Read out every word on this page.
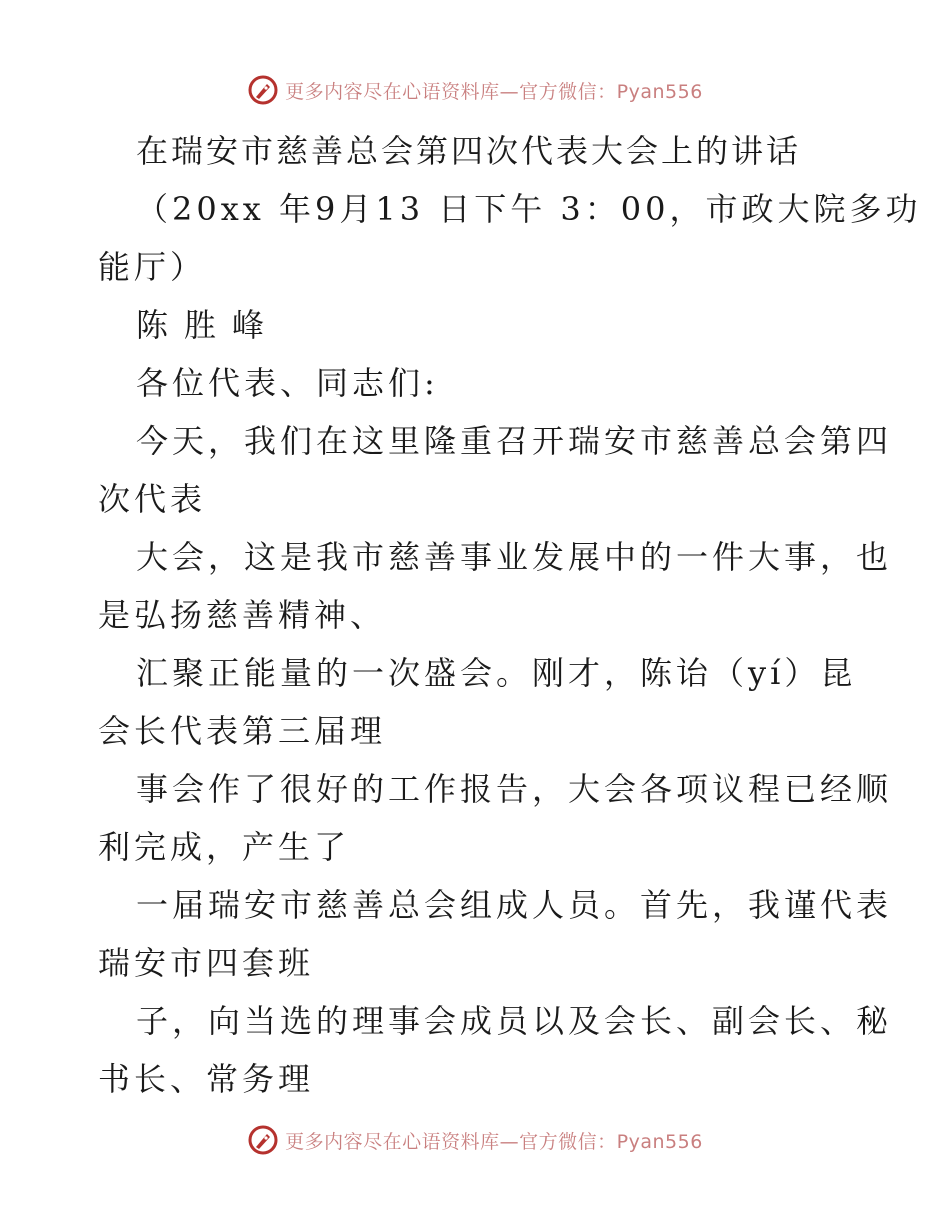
更多内容尽在心语资料库—官方微信：Pyan556
在瑞安市慈善总会第四次代表大会上的讲话
（20xx 年9月13 日下午 3：00，市政大院多功
能厅）
陈胜峰
各位代表、同志们:
今天，我们在这里隆重召开瑞安市慈善总会第四
次代表
大会，这是我市慈善事业发展中的一件大事，也
是弘扬慈善精神、
汇聚正能量的一次盛会。刚才，陈诒（yí）昆
会长代表第三届理
事会作了很好的工作报告，大会各项议程已经顺
利完成，产生了
一届瑞安市慈善总会组成人员。首先，我谨代表
瑞安市四套班
子，向当选的理事会成员以及会长、副会长、秘
书长、常务理
更多内容尽在心语资料库—官方微信：Pyan556
